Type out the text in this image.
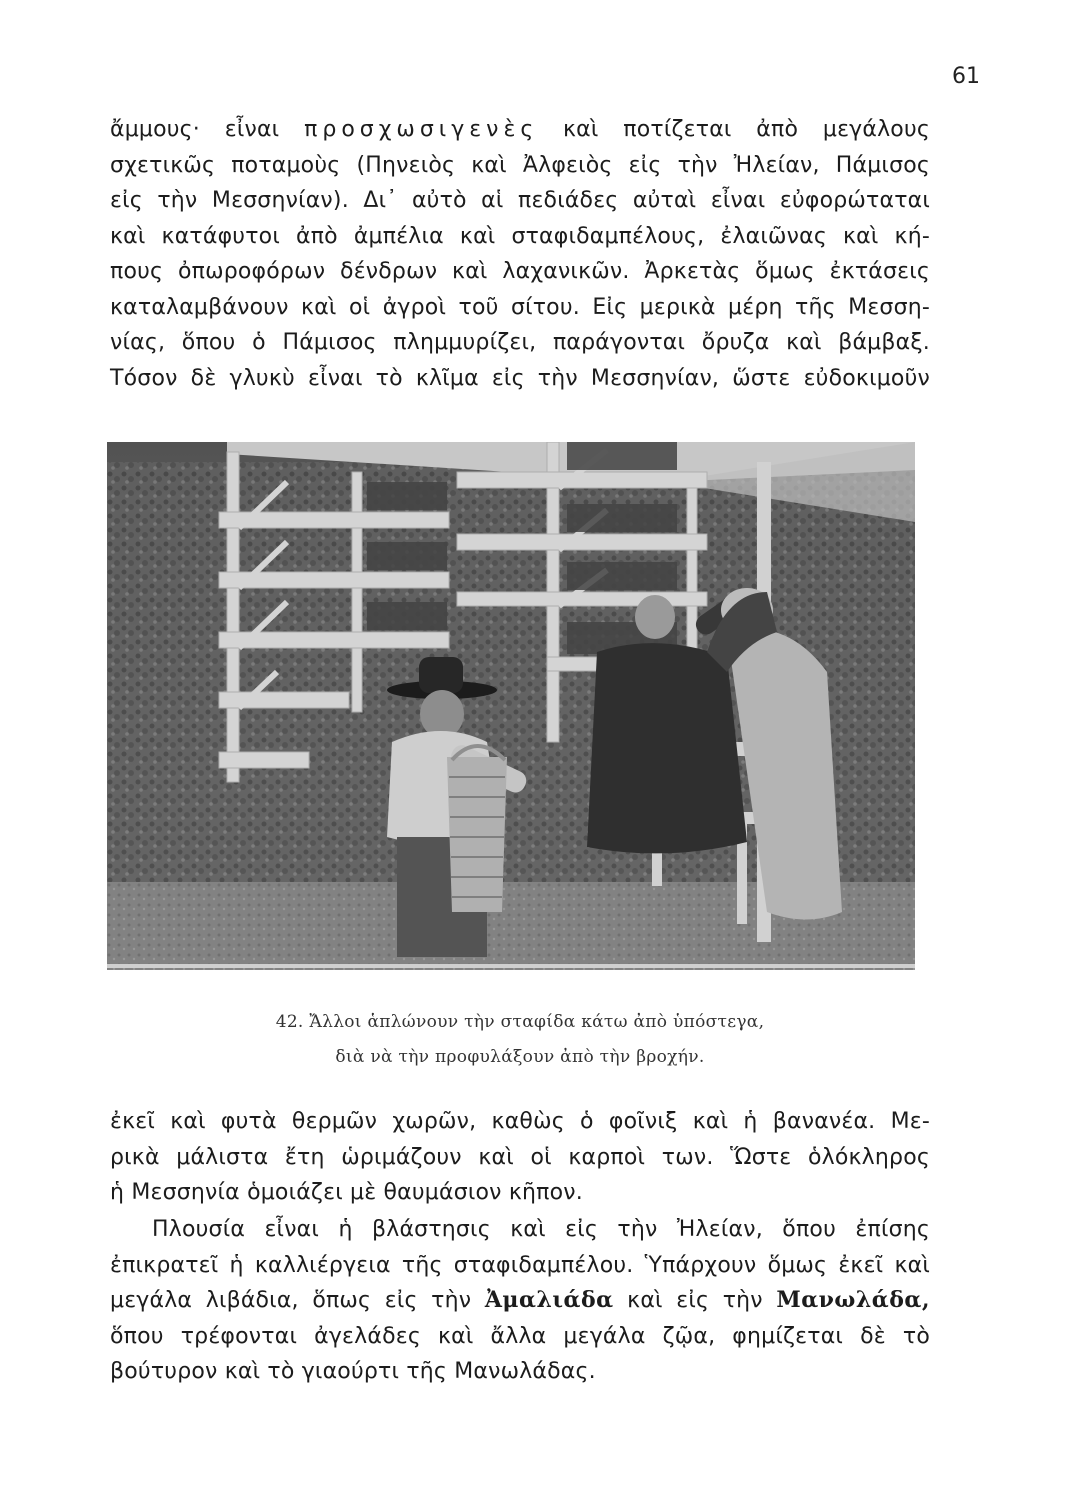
61
ἄμμους· εἶναι προσχωσιγενὲς καὶ ποτίζεται ἀπὸ μεγάλους
σχετικῶς ποταμοὺς (Πηνειὸς καὶ Ἀλφειὸς εἰς τὴν Ἠλείαν, Πάμισος
εἰς τὴν Μεσσηνίαν). Δι᾽ αὐτὸ αἱ πεδιάδες αὐταὶ εἶναι εὐφορώταται
καὶ κατάφυτοι ἀπὸ ἀμπέλια καὶ σταφιδαμπέλους, ἐλαιῶνας καὶ κή-
πους ὀπωροφόρων δένδρων καὶ λαχανικῶν. Ἀρκετὰς ὅμως ἐκτάσεις
καταλαμβάνουν καὶ οἱ ἀγροὶ τοῦ σίτου. Εἰς μερικὰ μέρη τῆς Μεσση-
νίας, ὅπου ὁ Πάμισος πλημμυρίζει, παράγονται ὄρυζα καὶ βάμβαξ.
Τόσον δὲ γλυκὺ εἶναι τὸ κλῖμα εἰς τὴν Μεσσηνίαν, ὥστε εὐδοκιμοῦν
42. Ἄλλοι ἁπλώνουν τὴν σταφίδα κάτω ἀπὸ ὑπόστεγα,
διὰ νὰ τὴν προφυλάξουν ἀπὸ τὴν βροχήν.
ἐκεῖ καὶ φυτὰ θερμῶν χωρῶν, καθὼς ὁ φοῖνιξ καὶ ἡ βανανέα. Με-
ρικὰ μάλιστα ἔτη ὡριμάζουν καὶ οἱ καρποὶ των. Ὥστε ὁλόκληρος
ἡ Μεσσηνία ὁμοιάζει μὲ θαυμάσιον κῆπον.
Πλουσία εἶναι ἡ βλάστησις καὶ εἰς τὴν Ἠλείαν, ὅπου ἐπίσης
ἐπικρατεῖ ἡ καλλιέργεια τῆς σταφιδαμπέλου. Ὑπάρχουν ὅμως ἐκεῖ καὶ
μεγάλα λιβάδια, ὅπως εἰς τὴν Ἀμαλιάδα καὶ εἰς τὴν Μανωλάδα,
ὅπου τρέφονται ἀγελάδες καὶ ἄλλα μεγάλα ζῷα, φημίζεται δὲ τὸ
βούτυρον καὶ τὸ γιαούρτι τῆς Μανωλάδας.
